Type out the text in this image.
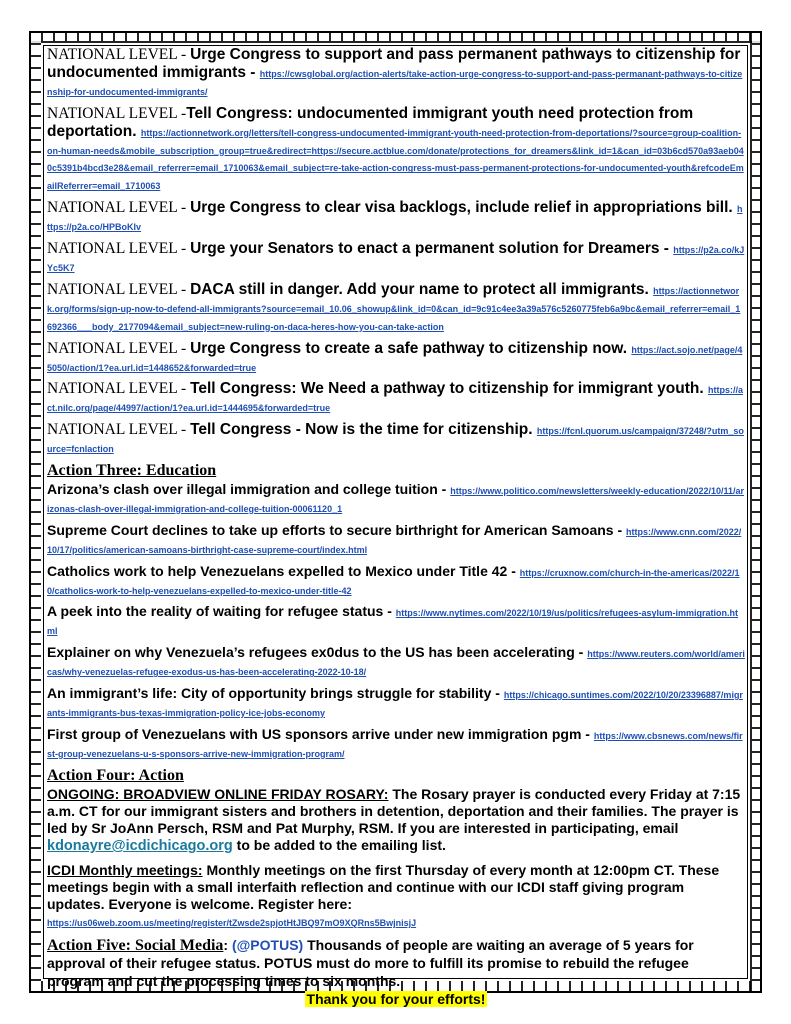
NATIONAL LEVEL - Urge Congress to support and pass permanent pathways to citizenship for undocumented immigrants - https://cwsglobal.org/action-alerts/take-action-urge-congress-to-support-and-pass-permanant-pathways-to-citizenship-for-undocumented-immigrants/
NATIONAL LEVEL -Tell Congress: undocumented immigrant youth need protection from deportation. https://actionnetwork.org/letters/tell-congress-undocumented-immigrant-youth-need-protection-from-deportations/?source=group-coalition-on-human-needs&mobile_subscription_group=true&redirect=https://secure.actblue.com/donate/protections_for_dreamers&link_id=1&can_id=03b6cd570a93aeb040c5391b4bcd3e28&email_referrer=email_1710063&email_subject=re-take-action-congress-must-pass-permanent-protections-for-undocumented-youth&refcodeEmailReferrer=email_1710063
NATIONAL LEVEL - Urge Congress to clear visa backlogs, include relief in appropriations bill. https://p2a.co/HPBoKIv
NATIONAL LEVEL - Urge your Senators to enact a permanent solution for Dreamers - https://p2a.co/kJYc5K7
NATIONAL LEVEL - DACA still in danger. Add your name to protect all immigrants. https://actionnetwork.org/forms/sign-up-now-to-defend-all-immigrants?source=email_10.06_showup&link_id=0&can_id=9c91c4ee3a39a576c5260775feb6a9bc&email_referrer=email_1692366___body_2177094&email_subject=new-ruling-on-daca-heres-how-you-can-take-action
NATIONAL LEVEL - Urge Congress to create a safe pathway to citizenship now. https://act.sojo.net/page/45050/action/1?ea.url.id=1448652&forwarded=true
NATIONAL LEVEL - Tell Congress: We Need a pathway to citizenship for immigrant youth. https://act.nilc.org/page/44997/action/1?ea.url.id=1444695&forwarded=true
NATIONAL LEVEL - Tell Congress - Now is the time for citizenship. https://fcnl.quorum.us/campaign/37248/?utm_source=fcnlaction
Action Three: Education
Arizona’s clash over illegal immigration and college tuition - https://www.politico.com/newsletters/weekly-education/2022/10/11/arizonas-clash-over-illegal-immigration-and-college-tuition-00061120_1
Supreme Court declines to take up efforts to secure birthright for American Samoans - https://www.cnn.com/2022/10/17/politics/american-samoans-birthright-case-supreme-court/index.html
Catholics work to help Venezuelans expelled to Mexico under Title 42 - https://cruxnow.com/church-in-the-americas/2022/10/catholics-work-to-help-venezuelans-expelled-to-mexico-under-title-42
A peek into the reality of waiting for refugee status - https://www.nytimes.com/2022/10/19/us/politics/refugees-asylum-immigration.html
Explainer on why Venezuela’s refugees ex0dus to the US has been accelerating - https://www.reuters.com/world/americas/why-venezuelas-refugee-exodus-us-has-been-accelerating-2022-10-18/
An immigrant’s life: City of opportunity brings struggle for stability - https://chicago.suntimes.com/2022/10/20/23396887/migrants-immigrants-bus-texas-immigration-policy-ice-jobs-economy
First group of Venezuelans with US sponsors arrive under new immigration pgm - https://www.cbsnews.com/news/first-group-venezuelans-u-s-sponsors-arrive-new-immigration-program/
Action Four: Action
ONGOING: BROADVIEW ONLINE FRIDAY ROSARY: The Rosary prayer is conducted every Friday at 7:15 a.m. CT for our immigrant sisters and brothers in detention, deportation and their families. The prayer is led by Sr JoAnn Persch, RSM and Pat Murphy, RSM. If you are interested in participating, email kdonayre@icdichicago.org to be added to the emailing list.
ICDI Monthly meetings: Monthly meetings on the first Thursday of every month at 12:00pm CT. These meetings begin with a small interfaith reflection and continue with our ICDI staff giving program updates. Everyone is welcome. Register here:
https://us06web.zoom.us/meeting/register/tZwsde2spjotHtJBQ97mO9XQRns5BwjnisjJ
Action Five: Social Media: (@POTUS) Thousands of people are waiting an average of 5 years for approval of their refugee status. POTUS must do more to fulfill its promise to rebuild the refugee program and cut the processing times to six months.
Thank you for your efforts!
